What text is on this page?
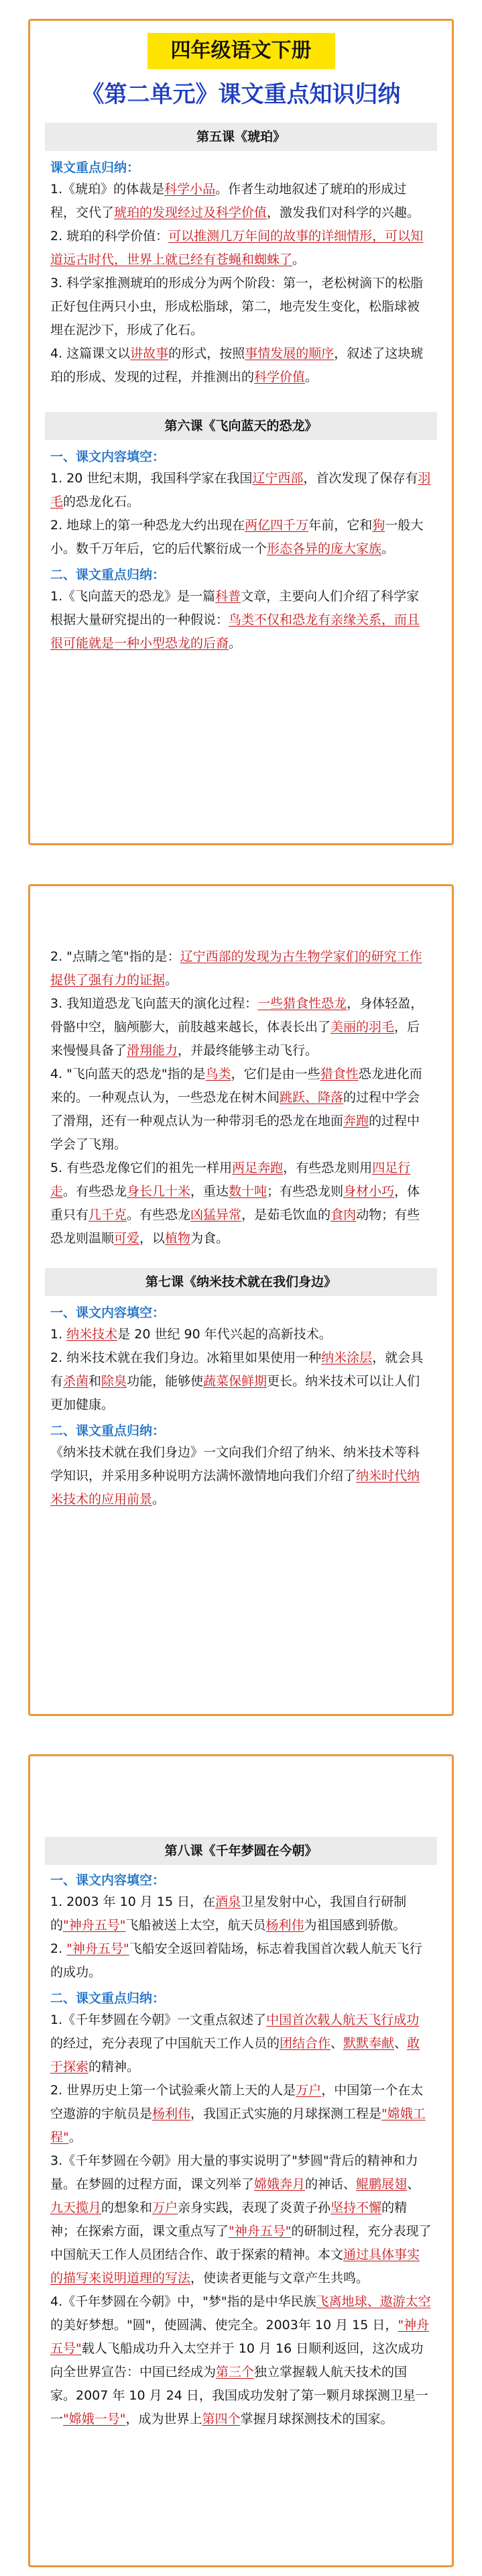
四年级语文下册
《第二单元》课文重点知识归纳
第五课《琥珀》
课文重点归纳：

1.《琥珀》的体裁是科学小品。作者生动地叙述了琥珀的形成过程，交代了琥珀的发现经过及科学价值，激发我们对科学的兴趣。

2. 琥珀的科学价值：可以推测几万年间的故事的详细情形，可以知道远古时代，世界上就已经有苍蝇和蜘蛛了。

3. 科学家推测琥珀的形成分为两个阶段：第一，老松树滴下的松脂正好包住两只小虫，形成松脂球，第二，地壳发生变化，松脂球被埋在泥沙下，形成了化石。

4. 这篇课文以讲故事的形式，按照事情发展的顺序，叙述了这块琥珀的形成、发现的过程，并推测出的科学价值。

第六课《飞向蓝天的恐龙》
一、课文内容填空：

1. 20 世纪末期，我国科学家在我国辽宁西部，首次发现了保存有羽毛的恐龙化石。

2. 地球上的第一种恐龙大约出现在两亿四千万年前，它和狗一般大小。数千万年后，它的后代繁衍成一个形态各异的庞大家族。

二、课文重点归纳：

1.《飞向蓝天的恐龙》是一篇科普文章，主要向人们介绍了科学家根据大量研究提出的一种假说：鸟类不仅和恐龙有亲缘关系，而且很可能就是一种小型恐龙的后裔。

2. "点睛之笔"指的是：辽宁西部的发现为古生物学家们的研究工作提供了强有力的证据。

3. 我知道恐龙飞向蓝天的演化过程：一些猎食性恐龙，身体轻盈，骨骼中空，脑颅膨大，前肢越来越长，体表长出了美丽的羽毛，后来慢慢具备了滑翔能力，并最终能够主动飞行。

4. "飞向蓝天的恐龙"指的是鸟类，它们是由一些猎食性恐龙进化而来的。一种观点认为，一些恐龙在树木间跳跃、降落的过程中学会了滑翔，还有一种观点认为一种带羽毛的恐龙在地面奔跑的过程中学会了飞翔。

5. 有些恐龙像它们的祖先一样用两足奔跑，有些恐龙则用四足行走。有些恐龙身长几十米，重达数十吨；有些恐龙则身材小巧，体重只有几千克。有些恐龙凶猛异常，是茹毛饮血的食肉动物；有些恐龙则温顺可爱，以植物为食。

第七课《纳米技术就在我们身边》
一、课文内容填空：

1. 纳米技术是 20 世纪 90 年代兴起的高新技术。

2. 纳米技术就在我们身边。冰箱里如果使用一种纳米涂层，就会具有杀菌和除臭功能，能够使蔬菜保鲜期更长。纳米技术可以让人们更加健康。

二、课文重点归纳：

《纳米技术就在我们身边》一文向我们介绍了纳米、纳米技术等科学知识，并采用多种说明方法满怀激情地向我们介绍了纳米时代纳米技术的应用前景。

第八课《千年梦圆在今朝》
一、课文内容填空：

1. 2003 年 10 月 15 日，在酒泉卫星发射中心，我国自行研制的"神舟五号"飞船被送上太空，航天员杨利伟为祖国感到骄傲。

2. "神舟五号"飞船安全返回着陆场，标志着我国首次载人航天飞行的成功。

二、课文重点归纳：

1.《千年梦圆在今朝》一文重点叙述了中国首次载人航天飞行成功的经过，充分表现了中国航天工作人员的团结合作、默默奉献、敢于探索的精神。

2. 世界历史上第一个试验乘火箭上天的人是万户，中国第一个在太空遨游的宇航员是杨利伟，我国正式实施的月球探测工程是"嫦娥工程"。

3.《千年梦圆在今朝》用大量的事实说明了"梦圆"背后的精神和力量。在梦圆的过程方面，课文列举了嫦娥奔月的神话、鲲鹏展翅、九天揽月的想象和万户亲身实践，表现了炎黄子孙坚持不懈的精神；在探索方面，课文重点写了"神舟五号"的研制过程，充分表现了中国航天工作人员团结合作、敢于探索的精神。本文通过具体事实的描写来说明道理的写法，使读者更能与文章产生共鸣。

4.《千年梦圆在今朝》中，"梦"指的是中华民族飞离地球、遨游太空的美好梦想。"圆"，使圆满、使完全。2003年 10 月 15 日，"神舟五号"载人飞船成功升入太空并于 10 月 16 日顺利返回，这次成功向全世界宣告：中国已经成为第三个独立掌握载人航天技术的国家。2007 年 10 月 24 日，我国成功发射了第一颗月球探测卫星一一"嫦娥一号"，成为世界上第四个掌握月球探测技术的国家。
